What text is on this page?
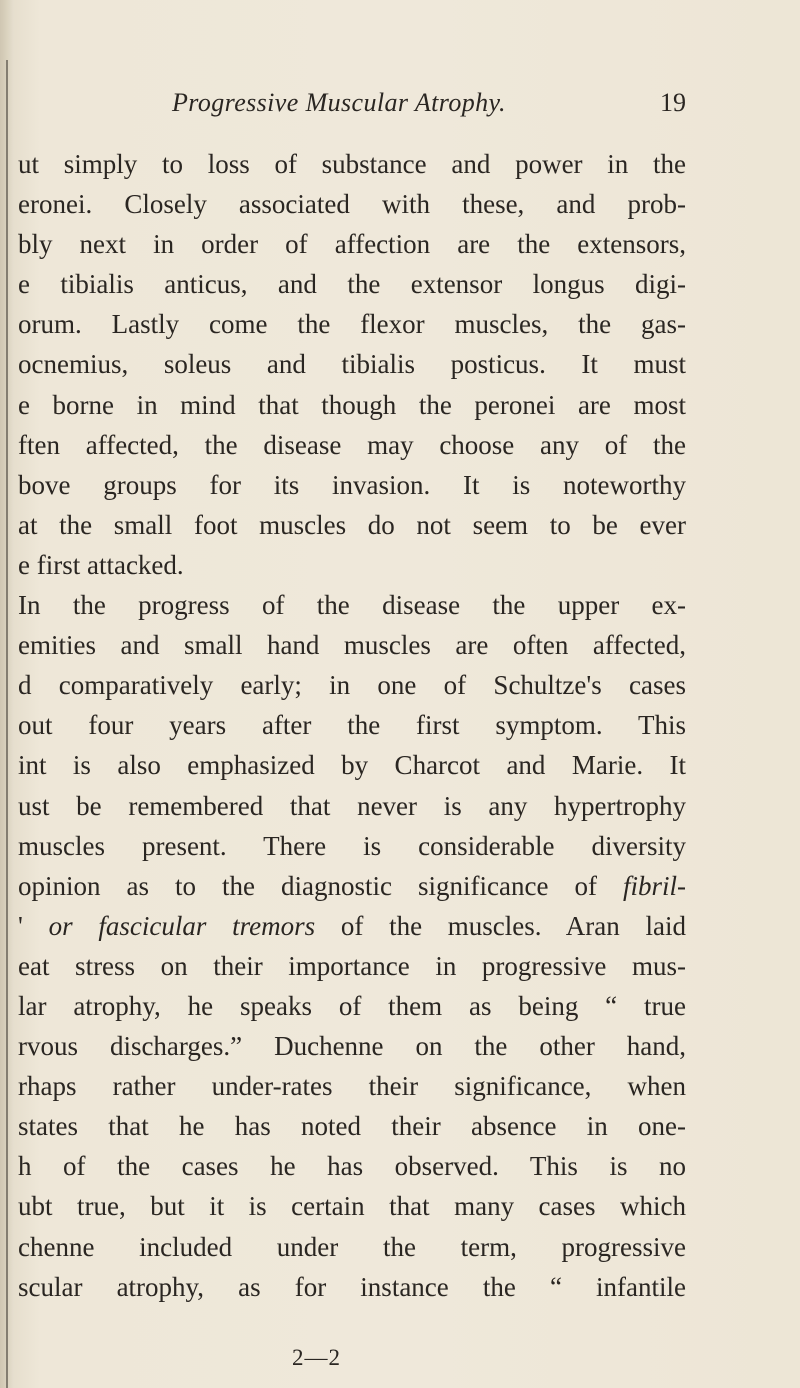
Progressive Muscular Atrophy.	19
ut simply to loss of substance and power in the
eronei. Closely associated with these, and prob-
bly next in order of affection are the extensors,
e tibialis anticus, and the extensor longus digi-
orum. Lastly come the flexor muscles, the gas-
ocnemius, soleus and tibialis posticus. It must
e borne in mind that though the peronei are most
ften affected, the disease may choose any of the
bove groups for its invasion. It is noteworthy
at the small foot muscles do not seem to be ever
e first attacked.
In the progress of the disease the upper ex-
emities and small hand muscles are often affected,
d comparatively early; in one of Schultze's cases
out four years after the first symptom. This
int is also emphasized by Charcot and Marie. It
ust be remembered that never is any hypertrophy
muscles present. There is considerable diversity
opinion as to the diagnostic significance of fibril-
' or fascicular tremors of the muscles. Aran laid
eat stress on their importance in progressive mus-
lar atrophy, he speaks of them as being “ true
rvous discharges.” Duchenne on the other hand,
rhaps rather under-rates their significance, when
states that he has noted their absence in one-
h of the cases he has observed. This is no
ubt true, but it is certain that many cases which
chenne included under the term, progressive
scular atrophy, as for instance the “ infantile
2—2
